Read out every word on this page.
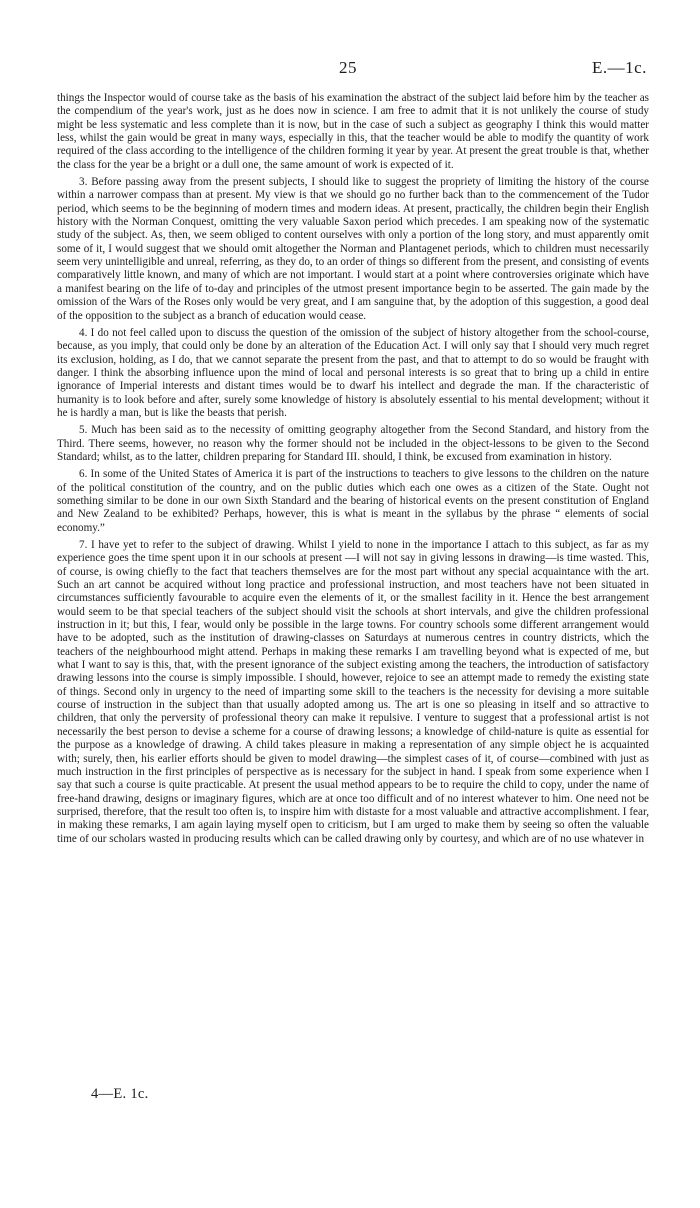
25	E.—1c.

things the Inspector would of course take as the basis of his examination the abstract of the subject laid before him by the teacher as the compendium of the year's work, just as he does now in science. I am free to admit that it is not unlikely the course of study might be less systematic and less complete than it is now, but in the case of such a subject as geography I think this would matter less, whilst the gain would be great in many ways, especially in this, that the teacher would be able to modify the quantity of work required of the class according to the intelligence of the children forming it year by year. At present the great trouble is that, whether the class for the year be a bright or a dull one, the same amount of work is expected of it.

3. Before passing away from the present subjects, I should like to suggest the propriety of limiting the history of the course within a narrower compass than at present. My view is that we should go no further back than to the commencement of the Tudor period, which seems to be the beginning of modern times and modern ideas. At present, practically, the children begin their English history with the Norman Conquest, omitting the very valuable Saxon period which precedes. I am speaking now of the systematic study of the subject. As, then, we seem obliged to content ourselves with only a portion of the long story, and must apparently omit some of it, I would suggest that we should omit altogether the Norman and Plantagenet periods, which to children must necessarily seem very unintelligible and unreal, referring, as they do, to an order of things so different from the present, and consisting of events comparatively little known, and many of which are not important. I would start at a point where controversies originate which have a manifest bearing on the life of to-day and principles of the utmost present importance begin to be asserted. The gain made by the omission of the Wars of the Roses only would be very great, and I am sanguine that, by the adoption of this suggestion, a good deal of the opposition to the subject as a branch of education would cease.

4. I do not feel called upon to discuss the question of the omission of the subject of history altogether from the school-course, because, as you imply, that could only be done by an alteration of the Education Act. I will only say that I should very much regret its exclusion, holding, as I do, that we cannot separate the present from the past, and that to attempt to do so would be fraught with danger. I think the absorbing influence upon the mind of local and personal interests is so great that to bring up a child in entire ignorance of Imperial interests and distant times would be to dwarf his intellect and degrade the man. If the characteristic of humanity is to look before and after, surely some knowledge of history is absolutely essential to his mental development; without it he is hardly a man, but is like the beasts that perish.

5. Much has been said as to the necessity of omitting geography altogether from the Second Standard, and history from the Third. There seems, however, no reason why the former should not be included in the object-lessons to be given to the Second Standard; whilst, as to the latter, children preparing for Standard III. should, I think, be excused from examination in history.

6. In some of the United States of America it is part of the instructions to teachers to give lessons to the children on the nature of the political constitution of the country, and on the public duties which each one owes as a citizen of the State. Ought not something similar to be done in our own Sixth Standard and the bearing of historical events on the present constitution of England and New Zealand to be exhibited? Perhaps, however, this is what is meant in the syllabus by the phrase “ elements of social economy.”

7. I have yet to refer to the subject of drawing. Whilst I yield to none in the importance I attach to this subject, as far as my experience goes the time spent upon it in our schools at present —I will not say in giving lessons in drawing—is time wasted. This, of course, is owing chiefly to the fact that teachers themselves are for the most part without any special acquaintance with the art. Such an art cannot be acquired without long practice and professional instruction, and most teachers have not been situated in circumstances sufficiently favourable to acquire even the elements of it, or the smallest facility in it. Hence the best arrangement would seem to be that special teachers of the subject should visit the schools at short intervals, and give the children professional instruction in it; but this, I fear, would only be possible in the large towns. For country schools some different arrangement would have to be adopted, such as the institution of drawing-classes on Saturdays at numerous centres in country districts, which the teachers of the neighbourhood might attend. Perhaps in making these remarks I am travelling beyond what is expected of me, but what I want to say is this, that, with the present ignorance of the subject existing among the teachers, the introduction of satisfactory drawing lessons into the course is simply impossible. I should, however, rejoice to see an attempt made to remedy the existing state of things. Second only in urgency to the need of imparting some skill to the teachers is the necessity for devising a more suitable course of instruction in the subject than that usually adopted among us. The art is one so pleasing in itself and so attractive to children, that only the perversity of professional theory can make it repulsive. I venture to suggest that a professional artist is not necessarily the best person to devise a scheme for a course of drawing lessons; a knowledge of child-nature is quite as essential for the purpose as a knowledge of drawing. A child takes pleasure in making a representation of any simple object he is acquainted with; surely, then, his earlier efforts should be given to model drawing—the simplest cases of it, of course—combined with just as much instruction in the first principles of perspective as is necessary for the subject in hand. I speak from some experience when I say that such a course is quite practicable. At present the usual method appears to be to require the child to copy, under the name of free-hand drawing, designs or imaginary figures, which are at once too difficult and of no interest whatever to him. One need not be surprised, therefore, that the result too often is, to inspire him with distaste for a most valuable and attractive accomplishment. I fear, in making these remarks, I am again laying myself open to criticism, but I am urged to make them by seeing so often the valuable time of our scholars wasted in producing results which can be called drawing only by courtesy, and which are of no use whatever in

4—E. 1c.
